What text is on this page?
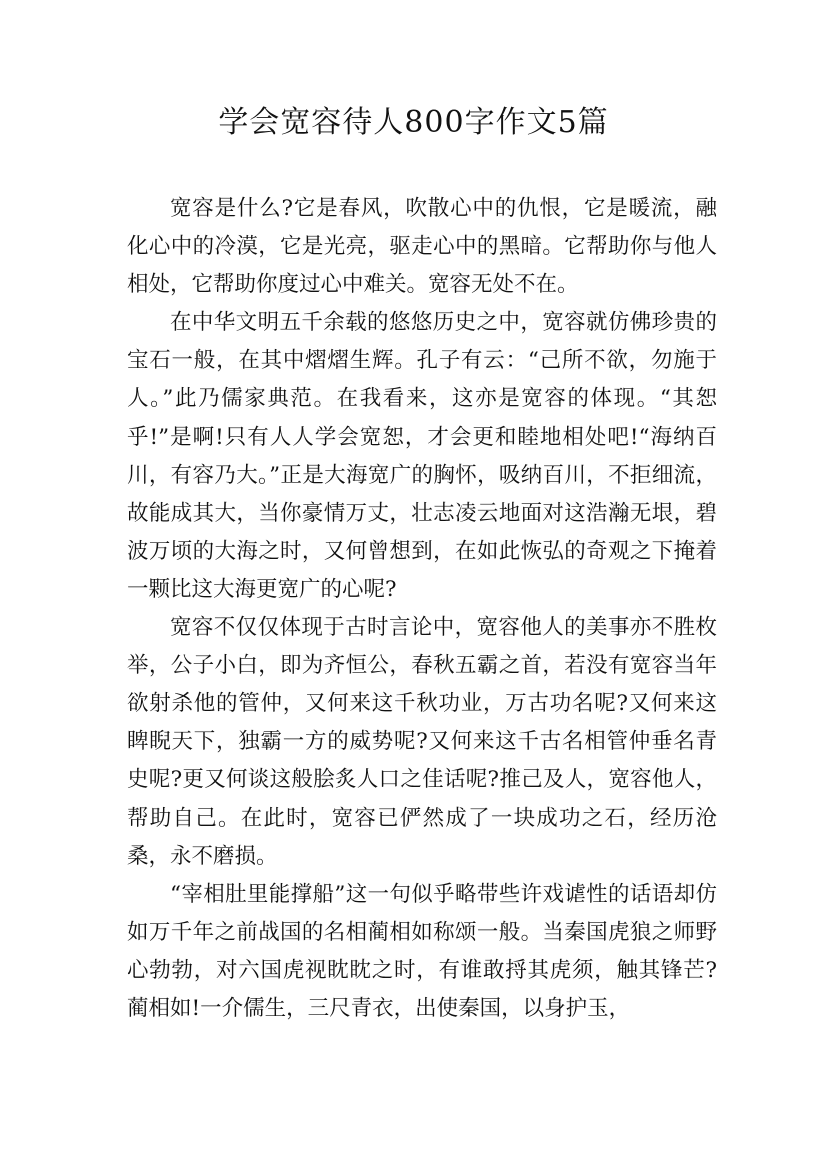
学会宽容待人800字作文5篇

宽容是什么?它是春风，吹散心中的仇恨，它是暖流，融化心中的冷漠，它是光亮，驱走心中的黑暗。它帮助你与他人相处，它帮助你度过心中难关。宽容无处不在。

在中华文明五千余载的悠悠历史之中，宽容就仿佛珍贵的宝石一般，在其中熠熠生辉。孔子有云：“己所不欲，勿施于人。”此乃儒家典范。在我看来，这亦是宽容的体现。“其恕乎!”是啊!只有人人学会宽恕，才会更和睦地相处吧!“海纳百川，有容乃大。”正是大海宽广的胸怀，吸纳百川，不拒细流，故能成其大，当你豪情万丈，壮志凌云地面对这浩瀚无垠，碧波万顷的大海之时，又何曾想到，在如此恢弘的奇观之下掩着一颗比这大海更宽广的心呢?

宽容不仅仅体现于古时言论中，宽容他人的美事亦不胜枚举，公子小白，即为齐恒公，春秋五霸之首，若没有宽容当年欲射杀他的管仲，又何来这千秋功业，万古功名呢?又何来这睥睨天下，独霸一方的威势呢?又何来这千古名相管仲垂名青史呢?更又何谈这般脍炙人口之佳话呢?推己及人，宽容他人，帮助自己。在此时，宽容已俨然成了一块成功之石，经历沧桑，永不磨损。

“宰相肚里能撑船”这一句似乎略带些许戏谑性的话语却仿如万千年之前战国的名相蔺相如称颂一般。当秦国虎狼之师野心勃勃，对六国虎视眈眈之时，有谁敢捋其虎须，触其锋芒?蔺相如!一介儒生，三尺青衣，出使秦国，以身护玉，
